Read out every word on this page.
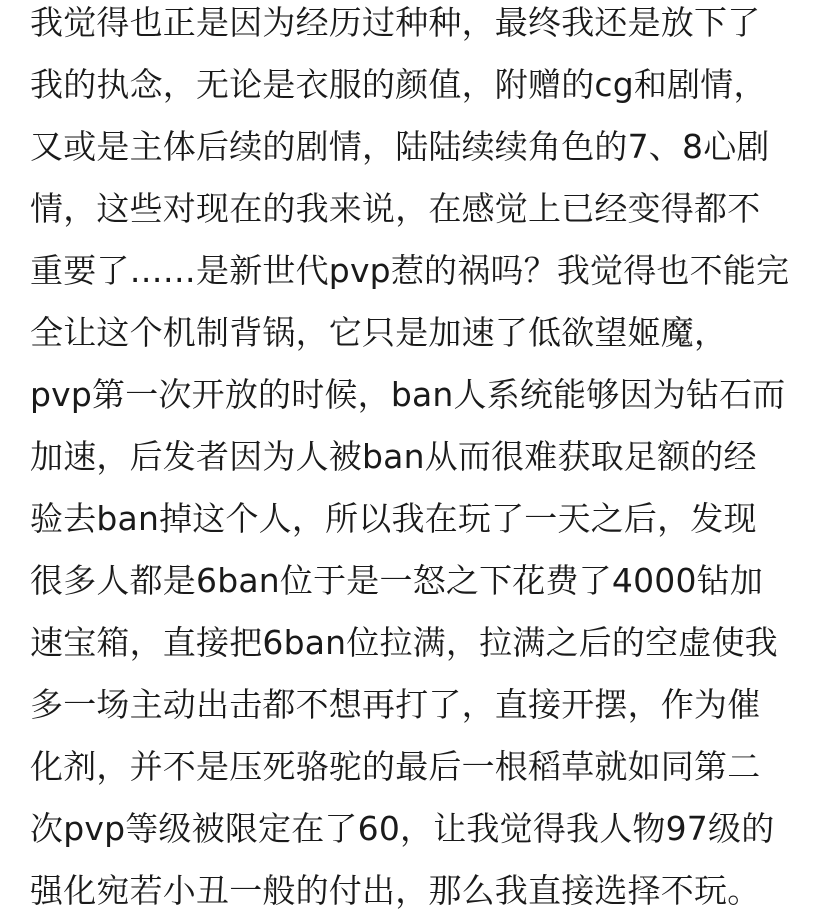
我觉得也正是因为经历过种种，最终我还是放下了
我的执念，无论是衣服的颜值，附赠的cg和剧情，
又或是主体后续的剧情，陆陆续续角色的7、8心剧
情，这些对现在的我来说，在感觉上已经变得都不
重要了……是新世代pvp惹的祸吗？我觉得也不能完
全让这个机制背锅，它只是加速了低欲望姬魔，
pvp第一次开放的时候，ban人系统能够因为钻石而
加速，后发者因为人被ban从而很难获取足额的经
验去ban掉这个人，所以我在玩了一天之后，发现
很多人都是6ban位于是一怒之下花费了4000钻加
速宝箱，直接把6ban位拉满，拉满之后的空虚使我
多一场主动出击都不想再打了，直接开摆，作为催
化剂，并不是压死骆驼的最后一根稻草就如同第二
次pvp等级被限定在了60，让我觉得我人物97级的
强化宛若小丑一般的付出，那么我直接选择不玩。
